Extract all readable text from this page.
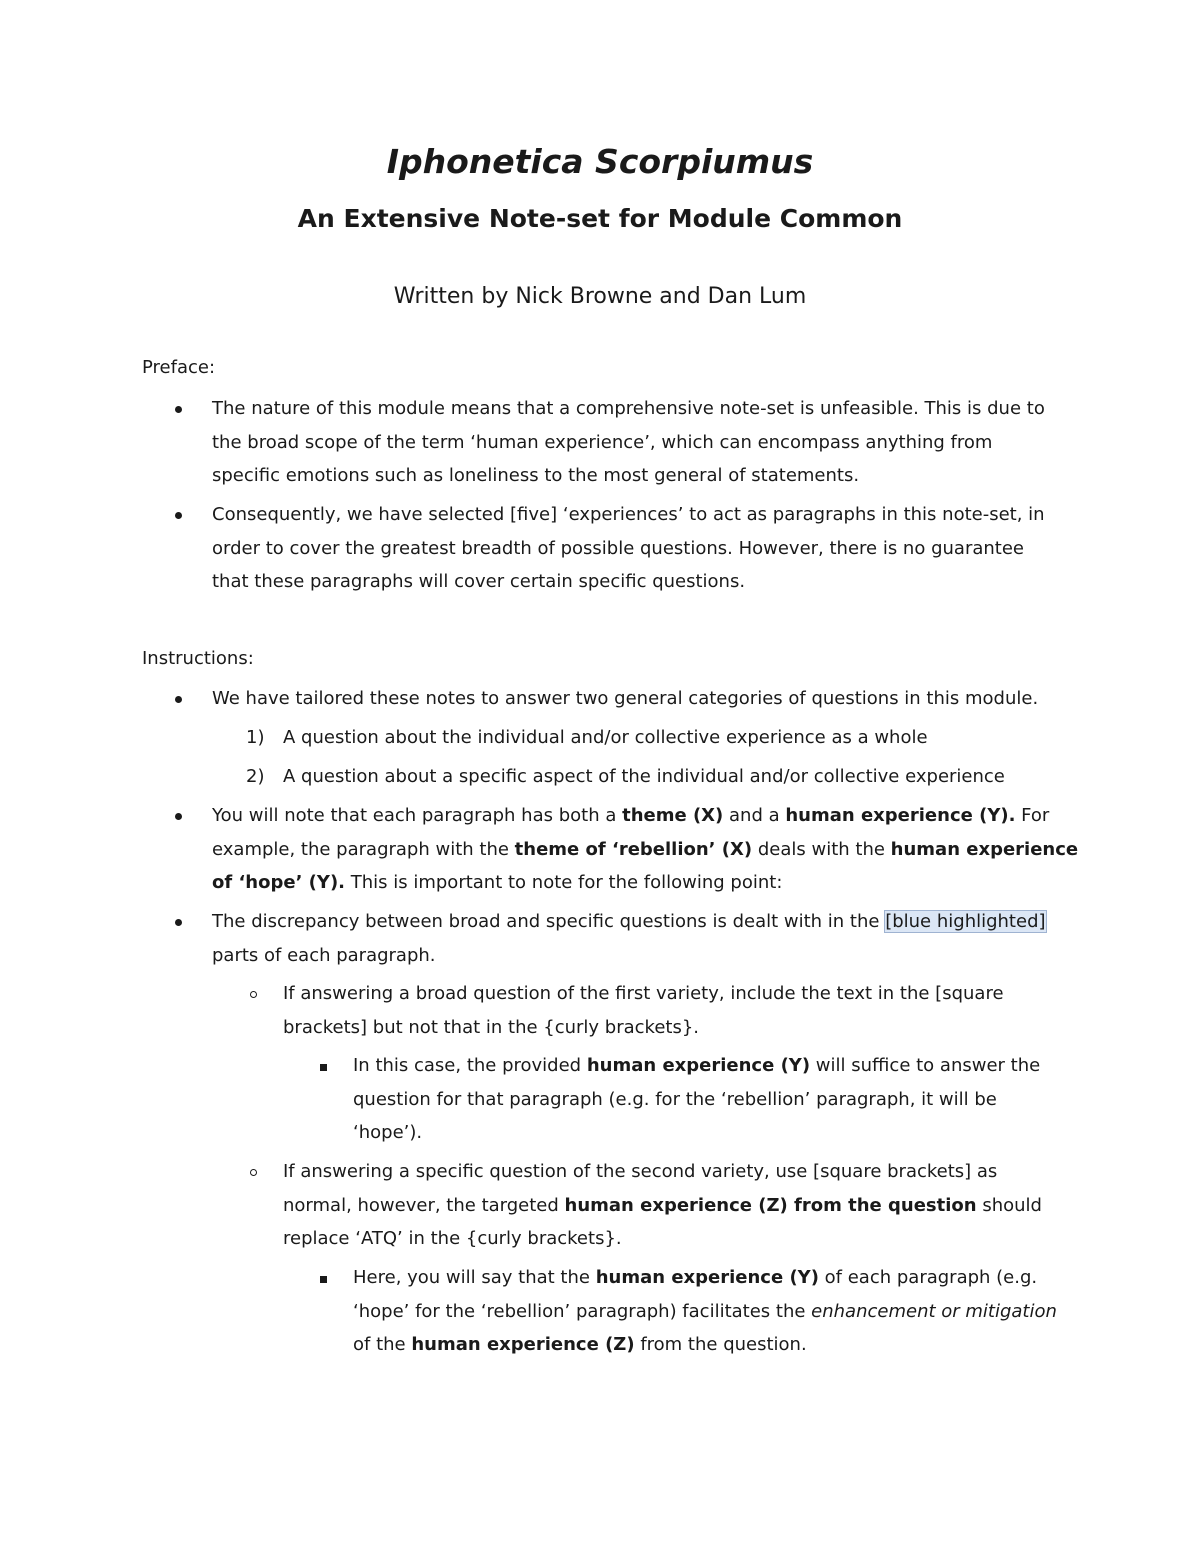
Iphonetica Scorpiumus
An Extensive Note-set for Module Common

Written by Nick Browne and Dan Lum

Preface:

The nature of this module means that a comprehensive note-set is unfeasible. This is due to
the broad scope of the term ‘human experience’, which can encompass anything from
specific emotions such as loneliness to the most general of statements.
Consequently, we have selected [five] ‘experiences’ to act as paragraphs in this note-set, in
order to cover the greatest breadth of possible questions. However, there is no guarantee
that these paragraphs will cover certain specific questions.

Instructions:

We have tailored these notes to answer two general categories of questions in this module.
1) A question about the individual and/or collective experience as a whole
2) A question about a specific aspect of the individual and/or collective experience
You will note that each paragraph has both a theme (X) and a human experience (Y). For
example, the paragraph with the theme of ‘rebellion’ (X) deals with the human experience
of ‘hope’ (Y). This is important to note for the following point:
The discrepancy between broad and specific questions is dealt with in the [blue highlighted]
parts of each paragraph.
If answering a broad question of the first variety, include the text in the [square
brackets] but not that in the {curly brackets}.
In this case, the provided human experience (Y) will suffice to answer the
question for that paragraph (e.g. for the ‘rebellion’ paragraph, it will be
‘hope’).
If answering a specific question of the second variety, use [square brackets] as
normal, however, the targeted human experience (Z) from the question should
replace ‘ATQ’ in the {curly brackets}.
Here, you will say that the human experience (Y) of each paragraph (e.g.
‘hope’ for the ‘rebellion’ paragraph) facilitates the enhancement or mitigation
of the human experience (Z) from the question.
